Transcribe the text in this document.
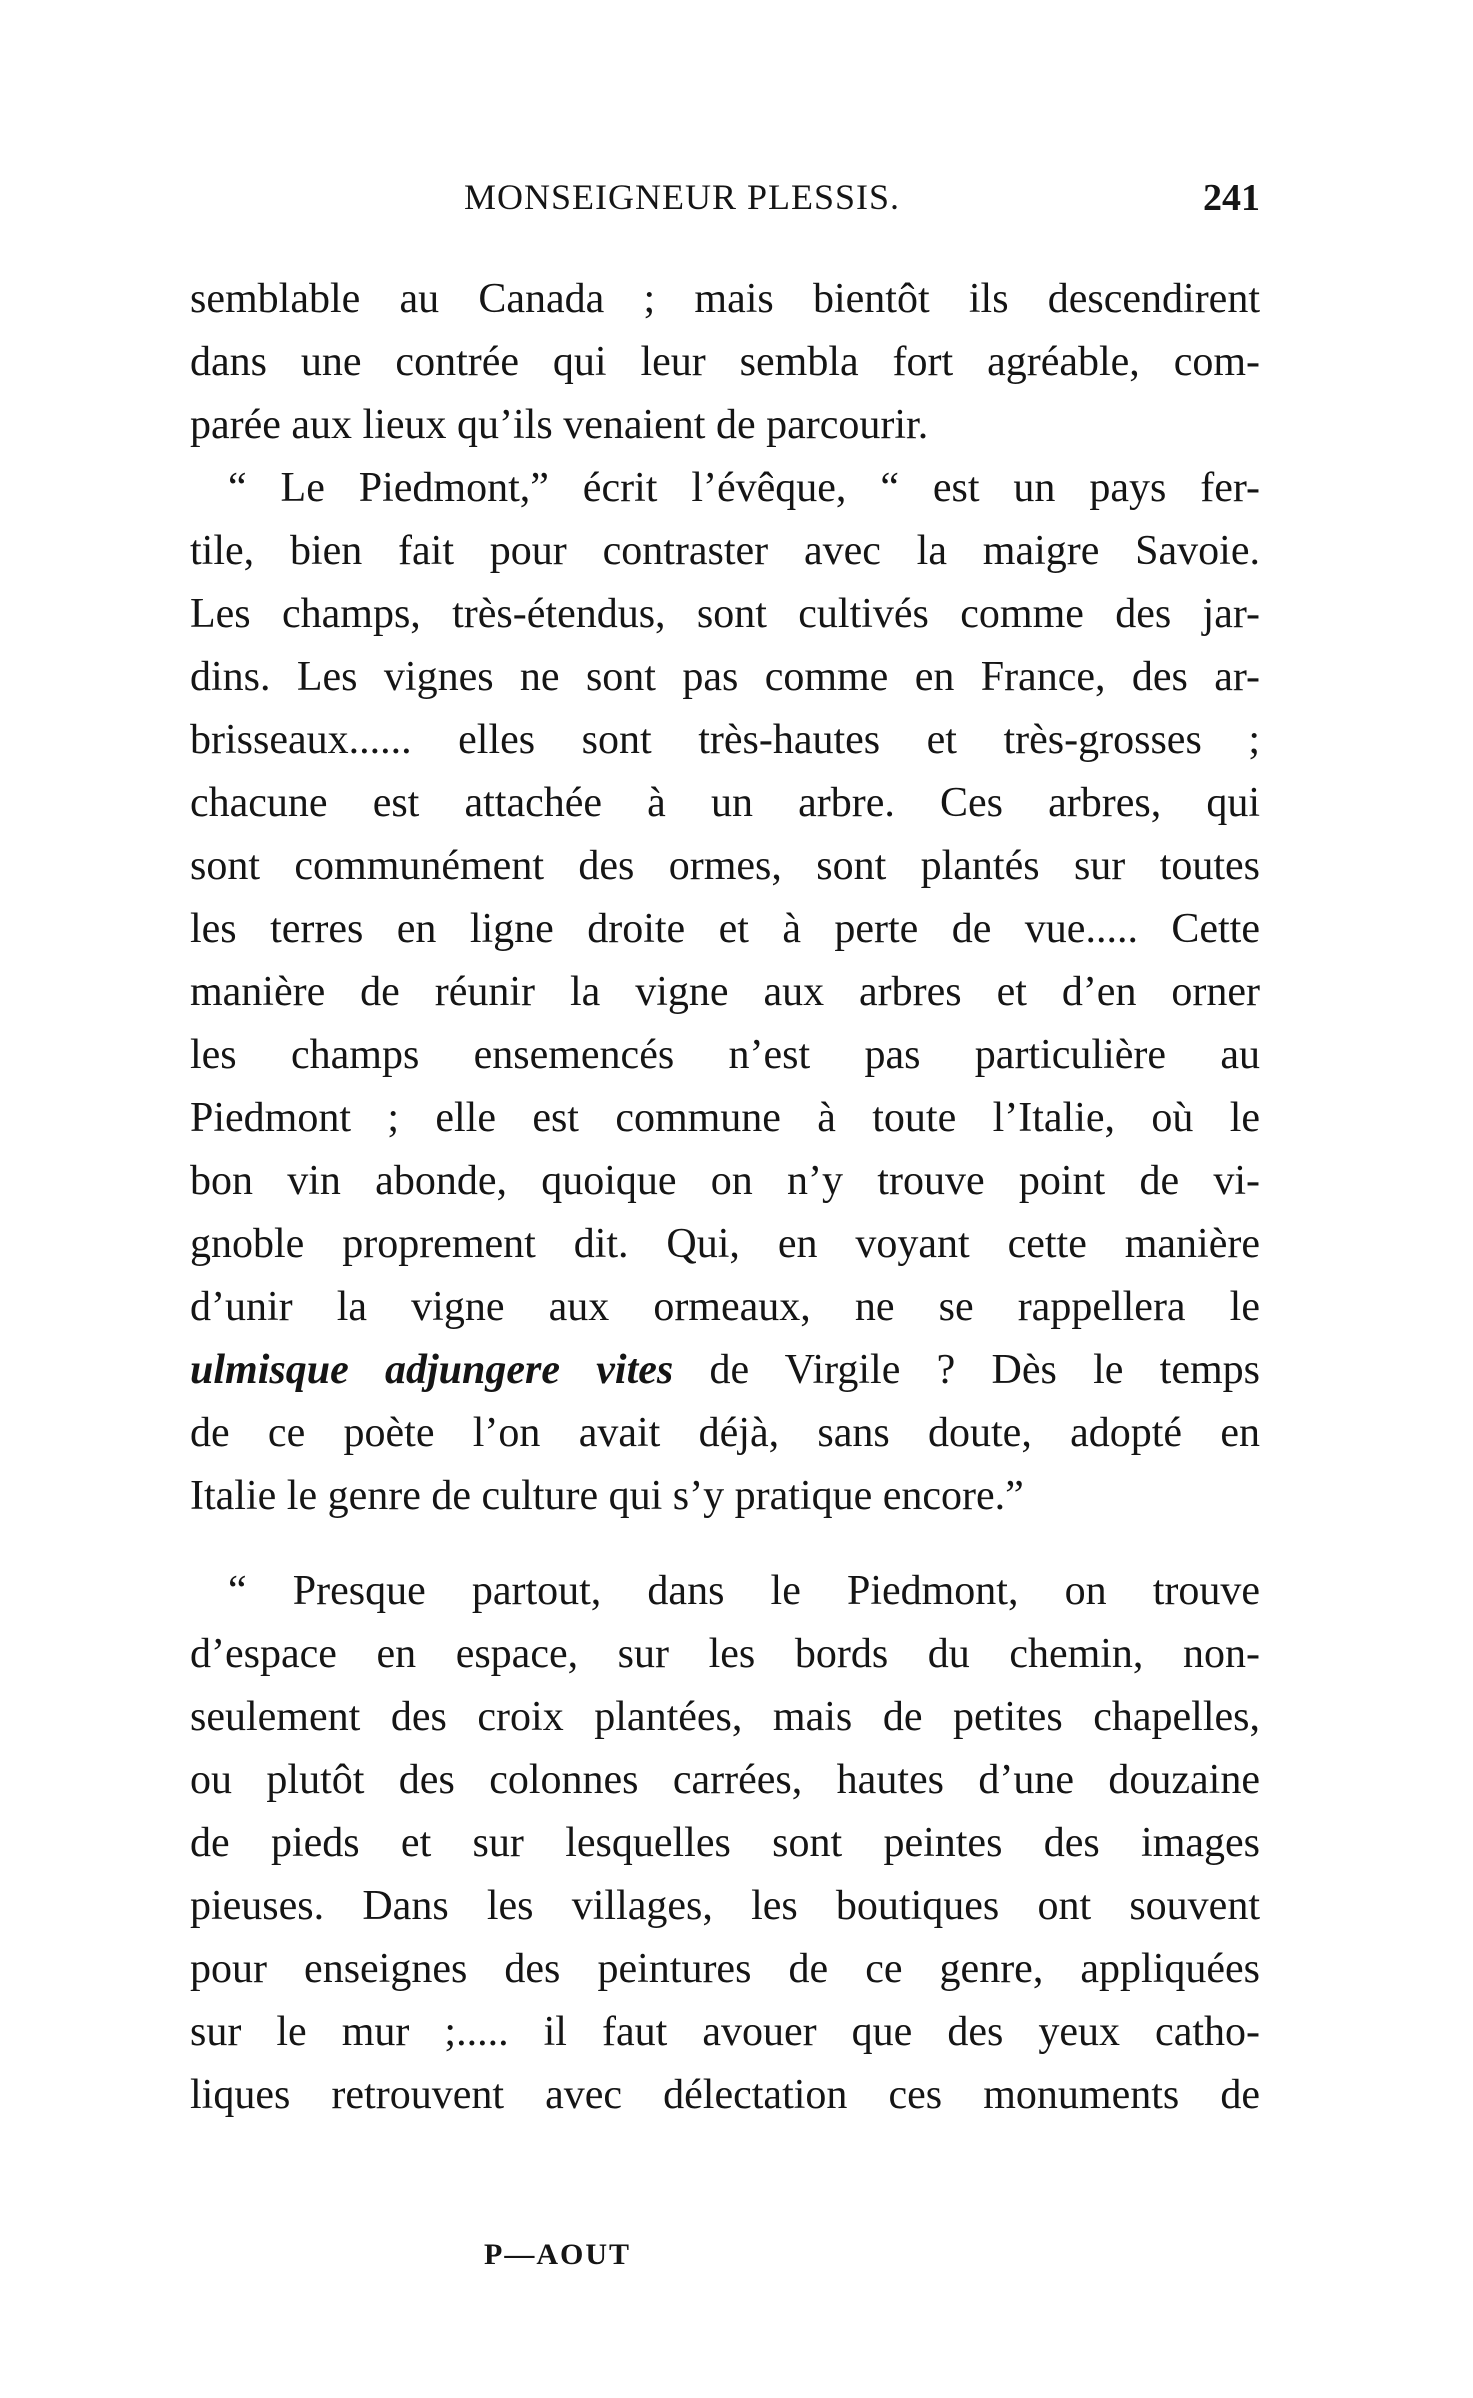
MONSEIGNEUR PLESSIS.	241
semblable au Canada ; mais bientôt ils descendirent
dans une contrée qui leur sembla fort agréable, com-
parée aux lieux qu’ils venaient de parcourir.
“ Le Piedmont,” écrit l’évêque, “ est un pays fer-
tile, bien fait pour contraster avec la maigre Savoie.
Les champs, très-étendus, sont cultivés comme des jar-
dins. Les vignes ne sont pas comme en France, des ar-
brisseaux...... elles sont très-hautes et très-grosses ;
chacune est attachée à un arbre. Ces arbres, qui
sont communément des ormes, sont plantés sur toutes
les terres en ligne droite et à perte de vue..... Cette
manière de réunir la vigne aux arbres et d’en orner
les champs ensemencés n’est pas particulière au
Piedmont ; elle est commune à toute l’Italie, où le
bon vin abonde, quoique on n’y trouve point de vi-
gnoble proprement dit. Qui, en voyant cette manière
d’unir la vigne aux ormeaux, ne se rappellera le
ulmisque adjungere vites de Virgile ? Dès le temps
de ce poète l’on avait déjà, sans doute, adopté en
Italie le genre de culture qui s’y pratique encore.”
“ Presque partout, dans le Piedmont, on trouve
d’espace en espace, sur les bords du chemin, non-
seulement des croix plantées, mais de petites chapelles,
ou plutôt des colonnes carrées, hautes d’une douzaine
de pieds et sur lesquelles sont peintes des images
pieuses. Dans les villages, les boutiques ont souvent
pour enseignes des peintures de ce genre, appliquées
sur le mur ;..... il faut avouer que des yeux catho-
liques retrouvent avec délectation ces monuments de
P—AOUT
